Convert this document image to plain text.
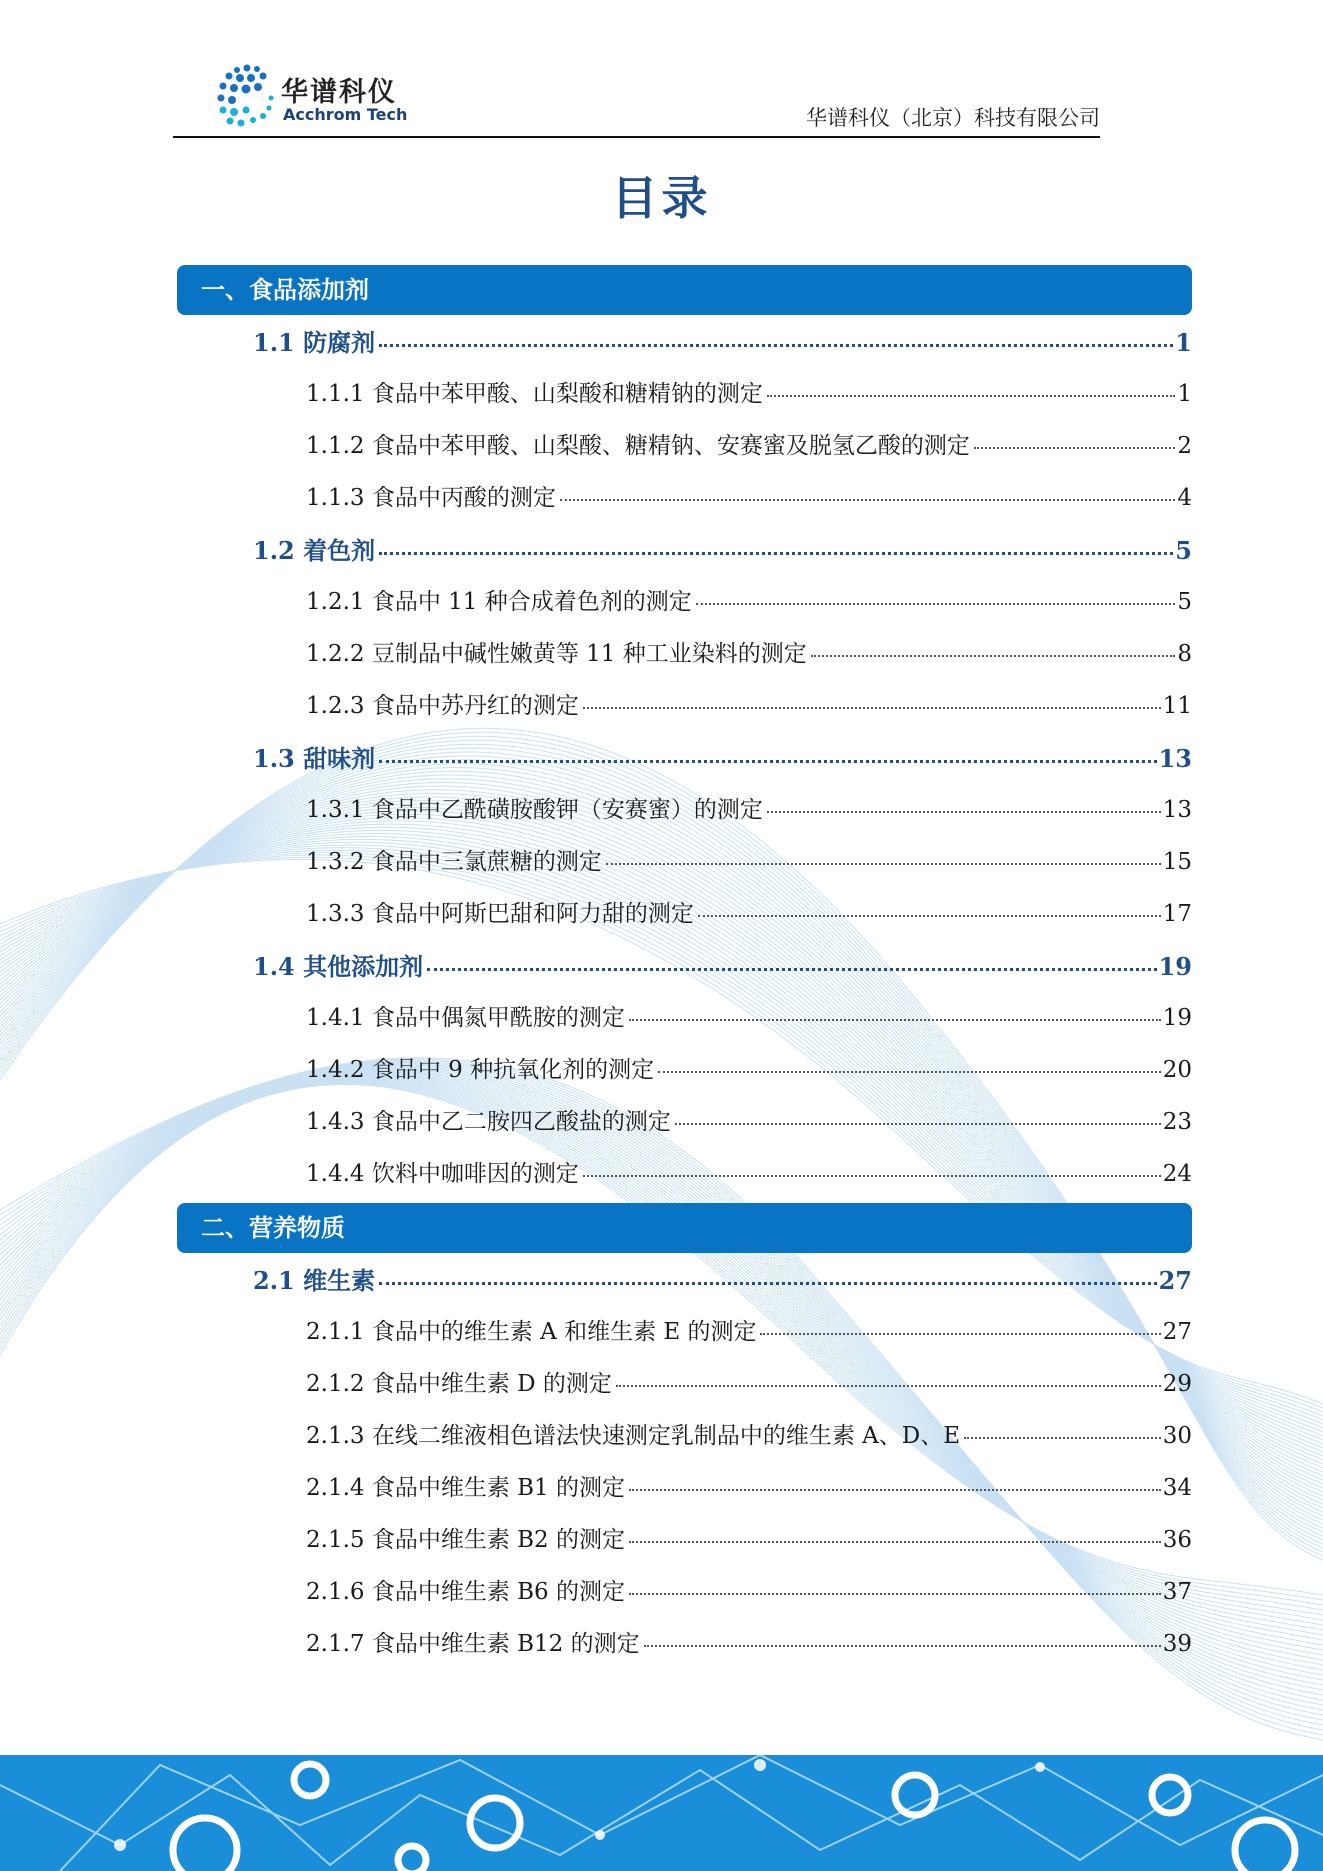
华谱科仪
Acchrom Tech	华谱科仪（北京）科技有限公司
目录
一、食品添加剂
1.1 防腐剂	1
1.1.1 食品中苯甲酸、山梨酸和糖精钠的测定	1
1.1.2 食品中苯甲酸、山梨酸、糖精钠、安赛蜜及脱氢乙酸的测定	2
1.1.3 食品中丙酸的测定	4
1.2 着色剂	5
1.2.1 食品中 11 种合成着色剂的测定	5
1.2.2 豆制品中碱性嫩黄等 11 种工业染料的测定	8
1.2.3 食品中苏丹红的测定	11
1.3 甜味剂	13
1.3.1 食品中乙酰磺胺酸钾（安赛蜜）的测定	13
1.3.2 食品中三氯蔗糖的测定	15
1.3.3 食品中阿斯巴甜和阿力甜的测定	17
1.4 其他添加剂	19
1.4.1 食品中偶氮甲酰胺的测定	19
1.4.2 食品中 9 种抗氧化剂的测定	20
1.4.3 食品中乙二胺四乙酸盐的测定	23
1.4.4 饮料中咖啡因的测定	24
二、营养物质
2.1 维生素	27
2.1.1 食品中的维生素 A 和维生素 E 的测定	27
2.1.2 食品中维生素 D 的测定	29
2.1.3 在线二维液相色谱法快速测定乳制品中的维生素 A、D、E	30
2.1.4 食品中维生素 B1 的测定	34
2.1.5 食品中维生素 B2 的测定	36
2.1.6 食品中维生素 B6 的测定	37
2.1.7 食品中维生素 B12 的测定	39
